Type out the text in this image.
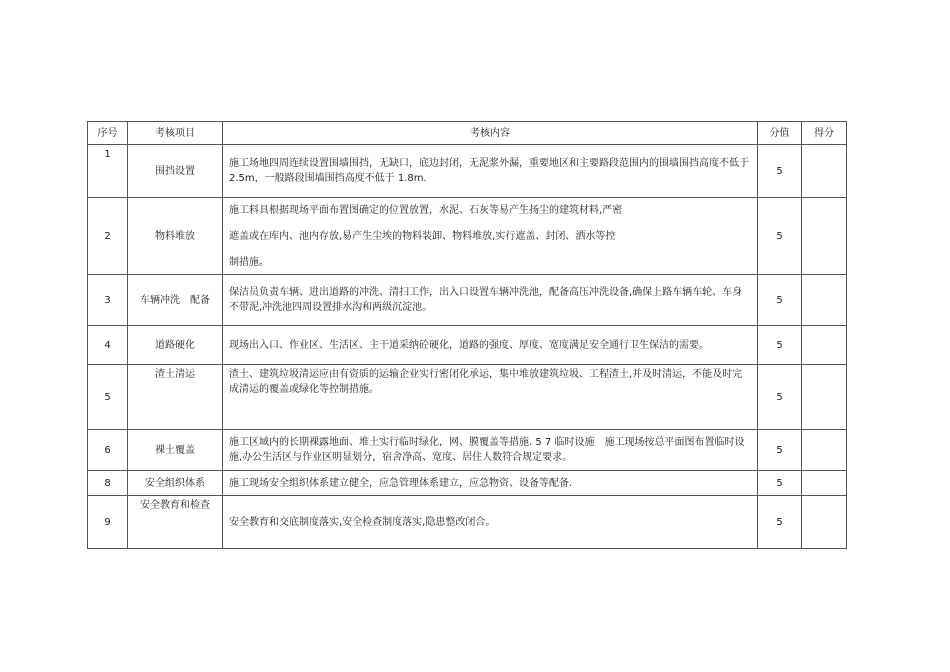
序号	考核项目	考核内容	分值	得分
1	围挡设置	施工场地四周连续设置围墙围挡，无缺口，底边封闭，无泥浆外漏，重要地区和主要路段范围内的围墙围挡高度不低于 2.5m，一般路段围墙围挡高度不低于 1.8m.	5	
2	物料堆放	施工料具根据现场平面布置图确定的位置放置，水泥、石灰等易产生扬尘的建筑材料,严密
遮盖或在库内、池内存放,易产生尘埃的物料装卸、物料堆放,实行遮盖、封闭、洒水等控
制措施。	5	
3	车辆冲洗　配备	保洁员负责车辆、进出道路的冲洗、清扫工作，出入口设置车辆冲洗池，配备高压冲洗设备,确保上路车辆车轮、车身不带泥,冲洗池四周设置排水沟和两级沉淀池。	5	
4	道路硬化	现场出入口、作业区、生活区、主干道采纳砼硬化，道路的强度、厚度、宽度满足安全通行卫生保洁的需要。	5	
5	渣土清运	渣土、建筑垃圾清运应由有资质的运输企业实行密闭化承运，集中堆放建筑垃圾、工程渣土,并及时清运，不能及时完成清运的覆盖或绿化等控制措施。	5	
6	裸土覆盖	施工区域内的长期裸露地面、堆土实行临时绿化，网、膜覆盖等措施. 5 7 临时设施　施工现场按总平面图布置临时设施,办公生活区与作业区明显划分，宿舍净高、宽度、居住人数符合规定要求。	5	
8	安全组织体系	施工现场安全组织体系建立健全，应急管理体系建立，应急物资、设备等配备.	5	
9	安全教育和检查	安全教育和交底制度落实,安全检查制度落实,隐患整改闭合。	5	
